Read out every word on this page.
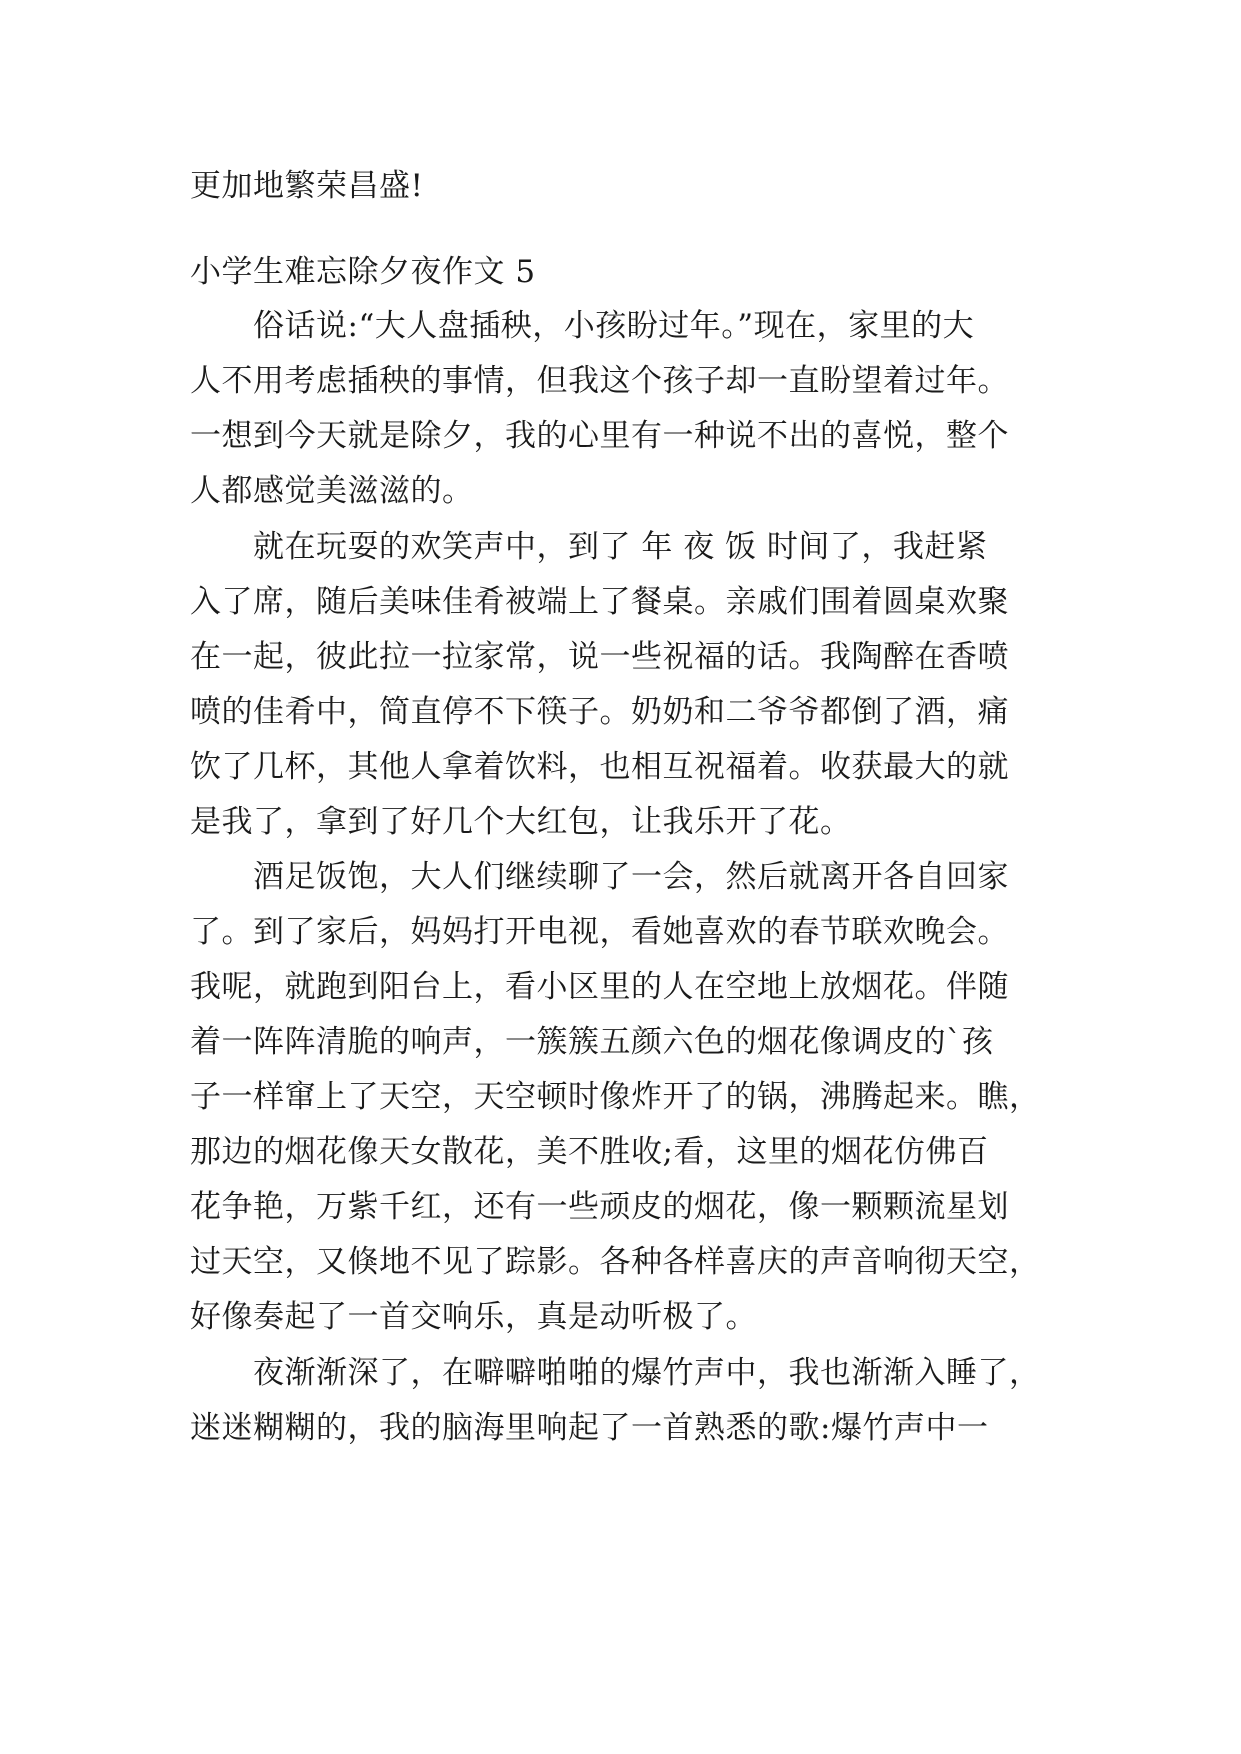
更加地繁荣昌盛!
小学生难忘除夕夜作文 5
　　俗话说:“大人盘插秧，小孩盼过年。”现在，家里的大
人不用考虑插秧的事情，但我这个孩子却一直盼望着过年。
一想到今天就是除夕，我的心里有一种说不出的喜悦，整个
人都感觉美滋滋的。
　　就在玩耍的欢笑声中，到了 年 夜 饭 时间了，我赶紧
入了席，随后美味佳肴被端上了餐桌。亲戚们围着圆桌欢聚
在一起，彼此拉一拉家常，说一些祝福的话。我陶醉在香喷
喷的佳肴中，简直停不下筷子。奶奶和二爷爷都倒了酒，痛
饮了几杯，其他人拿着饮料，也相互祝福着。收获最大的就
是我了，拿到了好几个大红包，让我乐开了花。
　　酒足饭饱，大人们继续聊了一会，然后就离开各自回家
了。到了家后，妈妈打开电视，看她喜欢的春节联欢晚会。
我呢，就跑到阳台上，看小区里的人在空地上放烟花。伴随
着一阵阵清脆的响声，一簇簇五颜六色的烟花像调皮的`孩
子一样窜上了天空，天空顿时像炸开了的锅，沸腾起来。瞧，
那边的烟花像天女散花，美不胜收;看，这里的烟花仿佛百
花争艳，万紫千红，还有一些顽皮的烟花，像一颗颗流星划
过天空，又倏地不见了踪影。各种各样喜庆的声音响彻天空，
好像奏起了一首交响乐，真是动听极了。
　　夜渐渐深了，在噼噼啪啪的爆竹声中，我也渐渐入睡了，
迷迷糊糊的，我的脑海里响起了一首熟悉的歌:爆竹声中一
